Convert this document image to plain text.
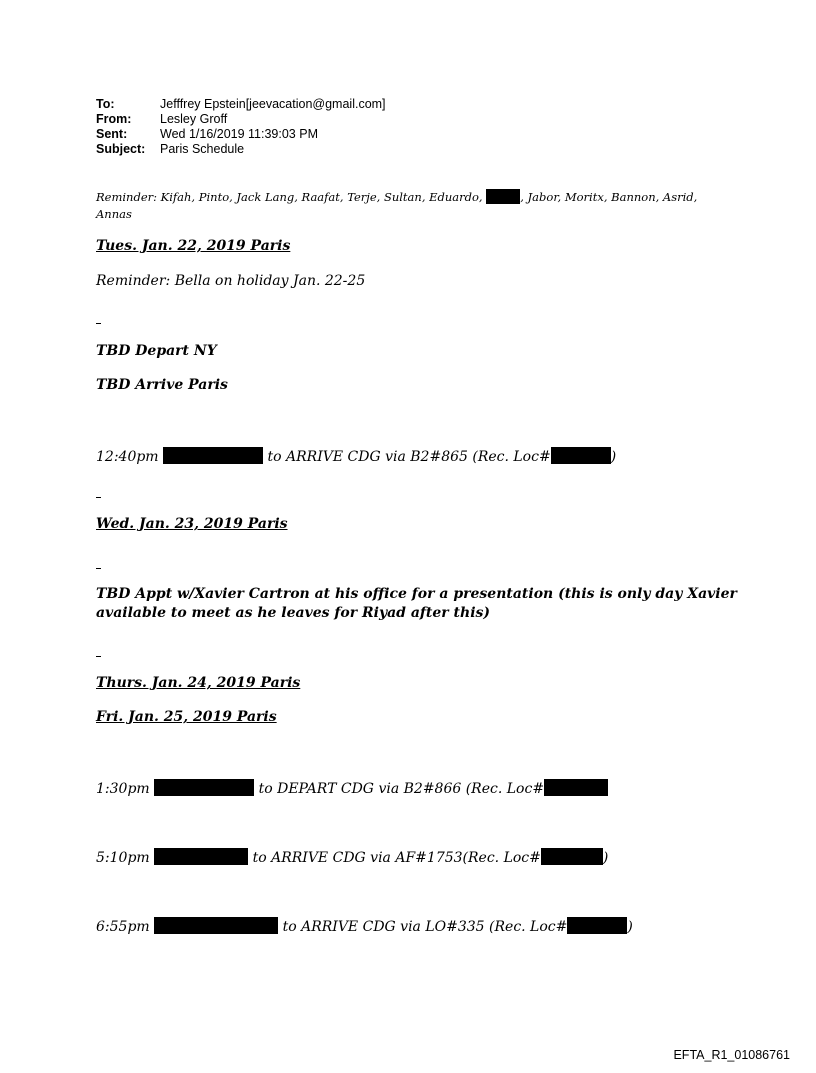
To:	Jefffrey Epstein[jeevacation@gmail.com]
From:	Lesley Groff
Sent:	Wed 1/16/2019 11:39:03 PM
Subject:	Paris Schedule
Reminder: Kifah, Pinto, Jack Lang, Raafat, Terje, Sultan, Eduardo,	, Jabor, Moritx, Bannon, Asrid,
Annas
Tues. Jan. 22, 2019 Paris
Reminder: Bella on holiday Jan. 22-25
TBD Depart NY
TBD Arrive Paris
12:40pm	to ARRIVE CDG via B2#865 (Rec. Loc#	)
Wed. Jan. 23, 2019 Paris
TBD Appt w/Xavier Cartron at his office for a presentation (this is only day Xavier
available to meet as he leaves for Riyad after this)
Thurs. Jan. 24, 2019 Paris
Fri. Jan. 25, 2019 Paris
1:30pm	to DEPART CDG via B2#866 (Rec. Loc#
5:10pm	to ARRIVE CDG via AF#1753(Rec. Loc#	)
6:55pm	to ARRIVE CDG via LO#335 (Rec. Loc#	)
EFTA_R1_01086761
